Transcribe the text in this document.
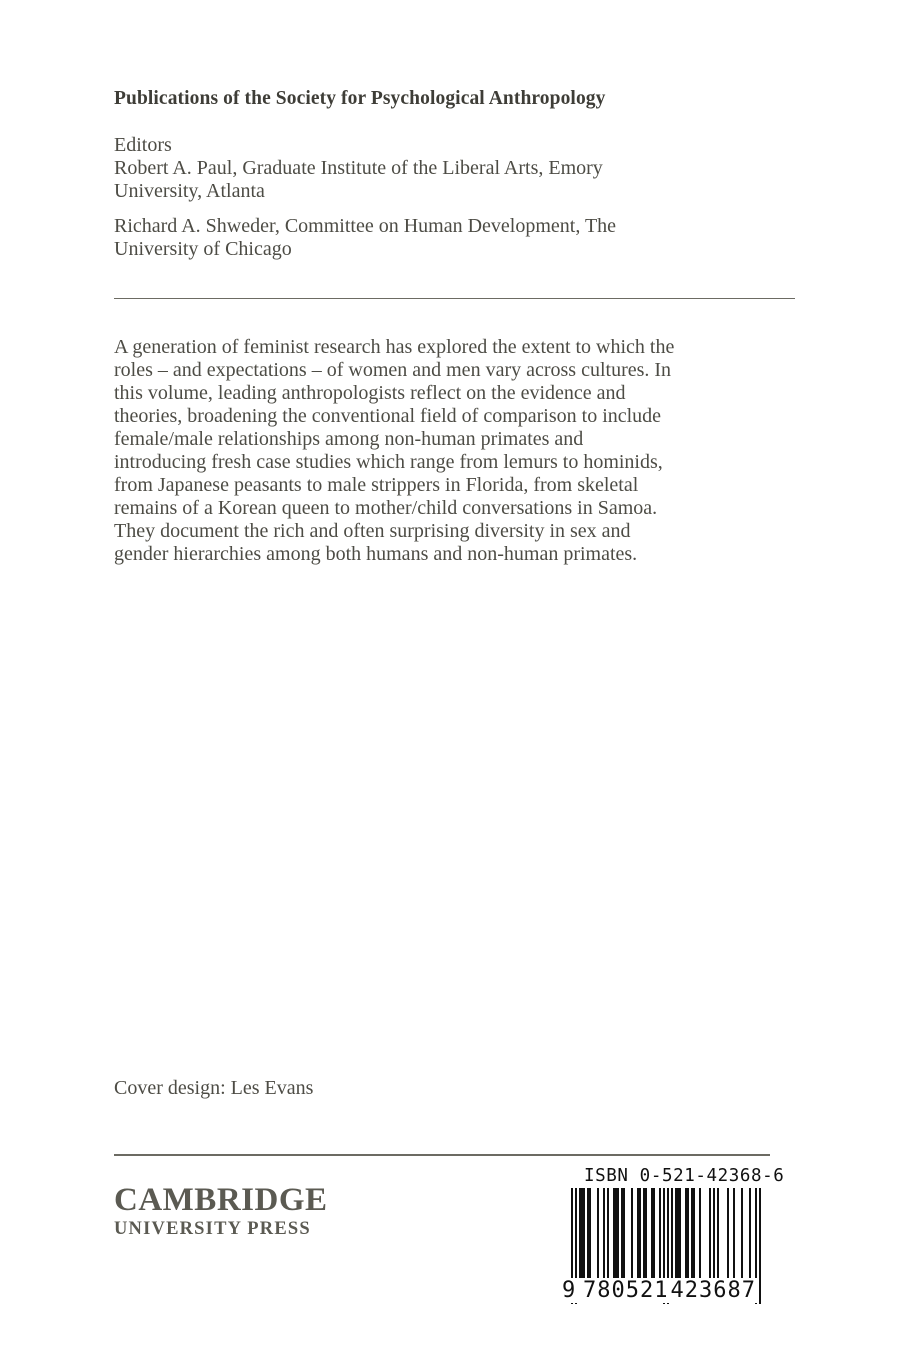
Publications of the Society for Psychological Anthropology

Editors

Robert A. Paul, Graduate Institute of the Liberal Arts, Emory
University, Atlanta

Richard A. Shweder, Committee on Human Development, The
University of Chicago

A generation of feminist research has explored the extent to which the
roles – and expectations – of women and men vary across cultures. In
this volume, leading anthropologists reflect on the evidence and
theories, broadening the conventional field of comparison to include
female/male relationships among non-human primates and
introducing fresh case studies which range from lemurs to hominids,
from Japanese peasants to male strippers in Florida, from skeletal
remains of a Korean queen to mother/child conversations in Samoa.
They document the rich and often surprising diversity in sex and
gender hierarchies among both humans and non-human primates.

Cover design: Les Evans
CAMBRIDGE
UNIVERSITY PRESS
ISBN 0-521-42368-6
9 780521423687
